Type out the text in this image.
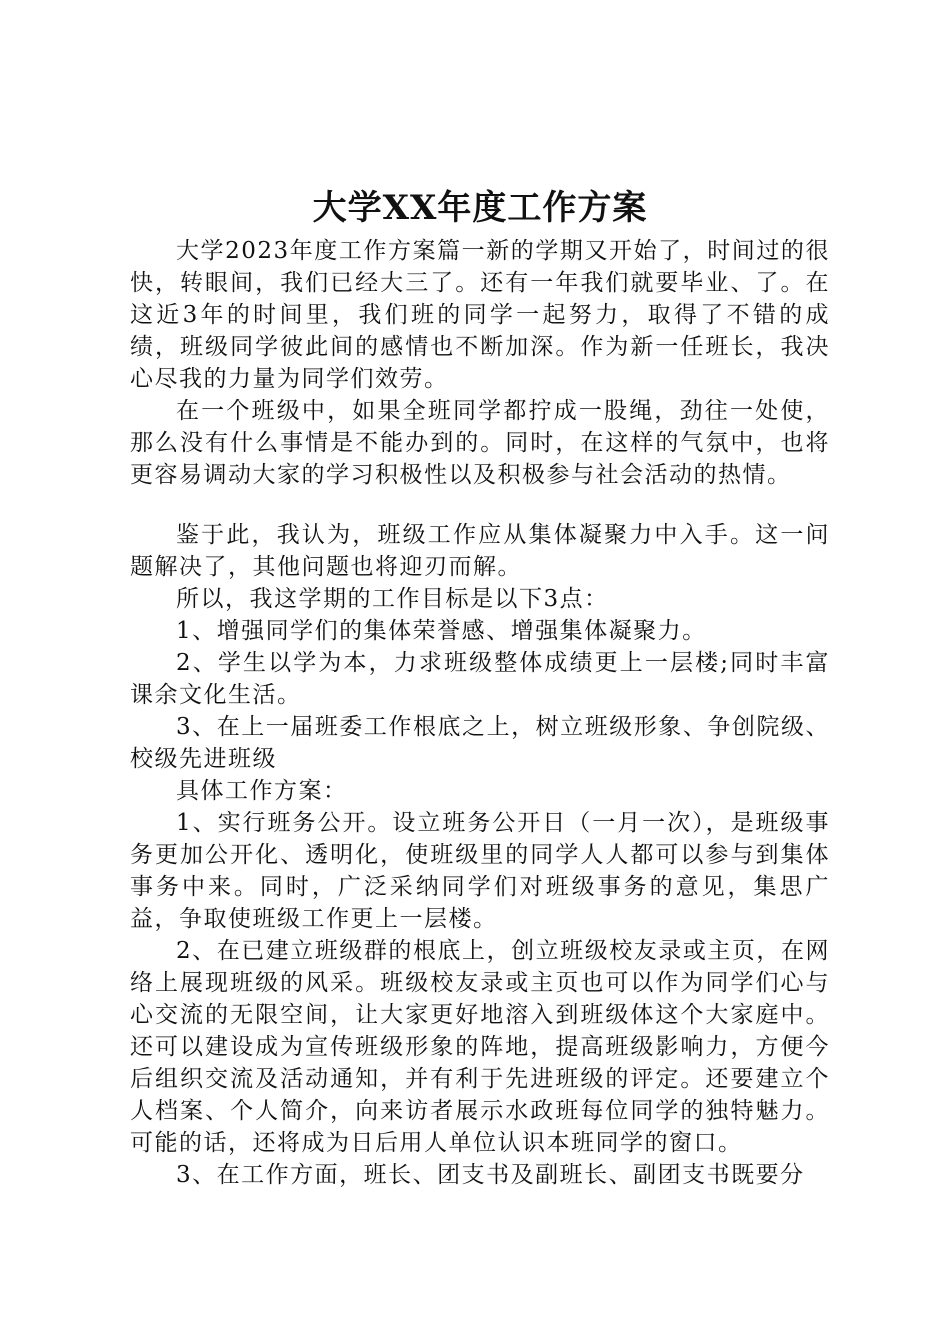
大学XX年度工作方案

大学2023年度工作方案篇一新的学期又开始了，时间过的很快，转眼间，我们已经大三了。还有一年我们就要毕业、了。在这近3年的时间里，我们班的同学一起努力，取得了不错的成绩，班级同学彼此间的感情也不断加深。作为新一任班长，我决心尽我的力量为同学们效劳。

在一个班级中，如果全班同学都拧成一股绳，劲往一处使，那么没有什么事情是不能办到的。同时，在这样的气氛中，也将更容易调动大家的学习积极性以及积极参与社会活动的热情。

鉴于此，我认为，班级工作应从集体凝聚力中入手。这一问题解决了，其他问题也将迎刃而解。

所以，我这学期的工作目标是以下3点：

1、增强同学们的集体荣誉感、增强集体凝聚力。

2、学生以学为本，力求班级整体成绩更上一层楼;同时丰富课余文化生活。

3、在上一届班委工作根底之上，树立班级形象、争创院级、校级先进班级

具体工作方案：

1、实行班务公开。设立班务公开日（一月一次），是班级事务更加公开化、透明化，使班级里的同学人人都可以参与到集体事务中来。同时，广泛采纳同学们对班级事务的意见，集思广益，争取使班级工作更上一层楼。

2、在已建立班级群的根底上，创立班级校友录或主页，在网络上展现班级的风采。班级校友录或主页也可以作为同学们心与心交流的无限空间，让大家更好地溶入到班级体这个大家庭中。还可以建设成为宣传班级形象的阵地，提高班级影响力，方便今后组织交流及活动通知，并有利于先进班级的评定。还要建立个人档案、个人简介，向来访者展示水政班每位同学的独特魅力。可能的话，还将成为日后用人单位认识本班同学的窗口。

3、在工作方面，班长、团支书及副班长、副团支书既要分
